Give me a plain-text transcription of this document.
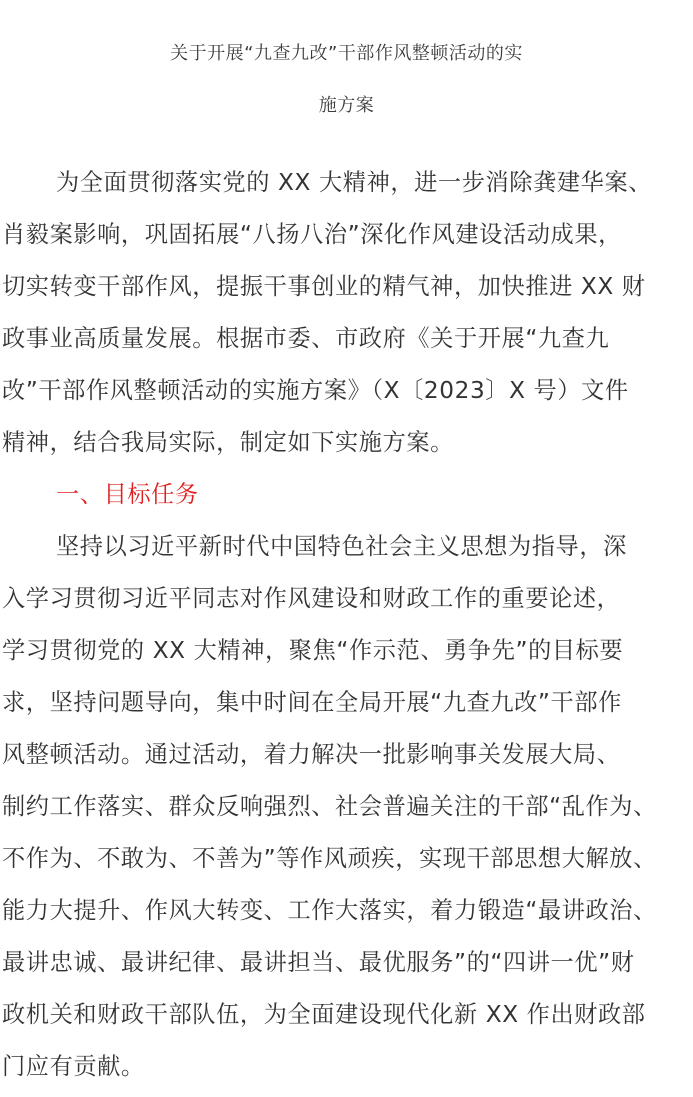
关于开展“九查九改”干部作风整顿活动的实
施方案
为全面贯彻落实党的 XX 大精神，进一步消除龚建华案、
肖毅案影响，巩固拓展“八扬八治”深化作风建设活动成果，
切实转变干部作风，提振干事创业的精气神，加快推进 XX 财
政事业高质量发展。根据市委、市政府《关于开展“九查九
改”干部作风整顿活动的实施方案》（X〔2023〕X 号）文件
精神，结合我局实际，制定如下实施方案。
一、目标任务
坚持以习近平新时代中国特色社会主义思想为指导，深
入学习贯彻习近平同志对作风建设和财政工作的重要论述，
学习贯彻党的 XX 大精神，聚焦“作示范、勇争先”的目标要
求，坚持问题导向，集中时间在全局开展“九查九改”干部作
风整顿活动。通过活动，着力解决一批影响事关发展大局、
制约工作落实、群众反响强烈、社会普遍关注的干部“乱作为、
不作为、不敢为、不善为”等作风顽疾，实现干部思想大解放、
能力大提升、作风大转变、工作大落实，着力锻造“最讲政治、
最讲忠诚、最讲纪律、最讲担当、最优服务”的“四讲一优”财
政机关和财政干部队伍，为全面建设现代化新 XX 作出财政部
门应有贡献。
